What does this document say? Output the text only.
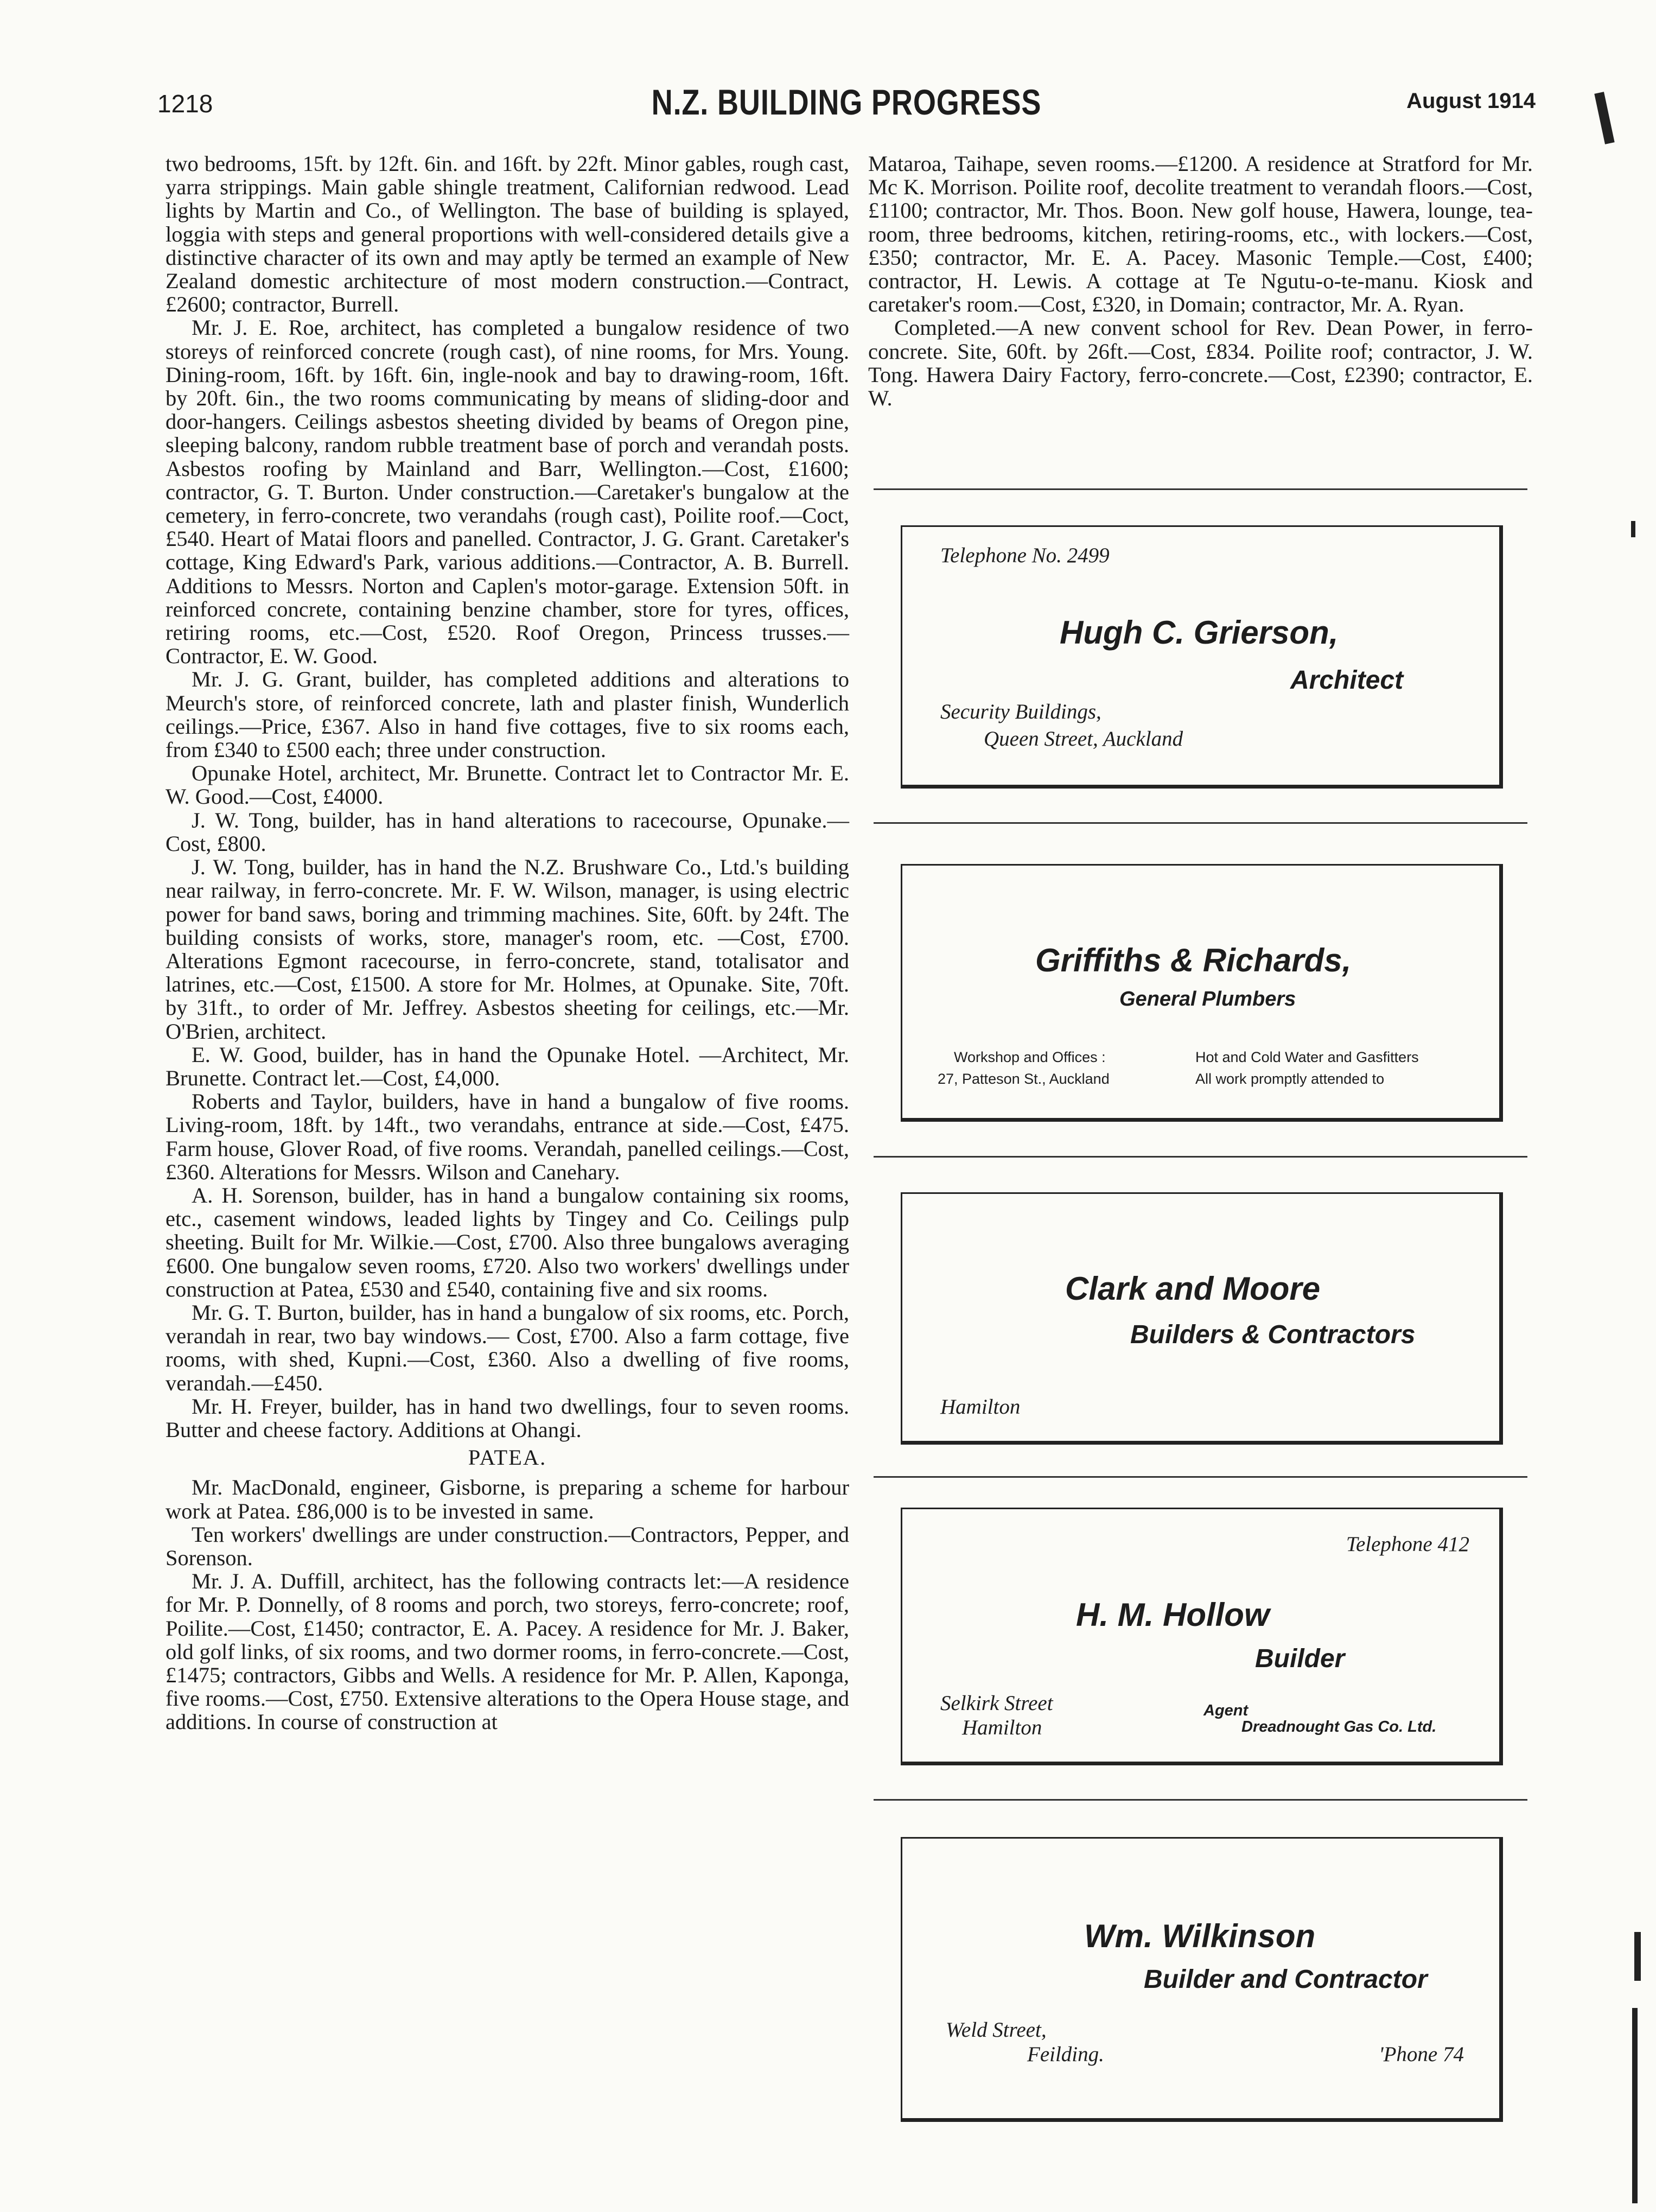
1218	N.Z. BUILDING PROGRESS	August 1914

two bedrooms, 15ft. by 12ft. 6in. and 16ft. by 22ft. Minor gables, rough cast, yarra strippings. Main gable shingle treatment, Californian redwood. Lead lights by Martin and Co., of Wellington. The base of building is splayed, loggia with steps and general proportions with well-considered details give a distinctive character of its own and may aptly be termed an example of New Zealand domestic architecture of most modern construction.—Contract, £2600; contractor, Burrell.

Mr. J. E. Roe, architect, has completed a bungalow residence of two storeys of reinforced concrete (rough cast), of nine rooms, for Mrs. Young. Dining-room, 16ft. by 16ft. 6in, ingle-nook and bay to drawing-room, 16ft. by 20ft. 6in., the two rooms communicating by means of sliding-door and door-hangers. Ceilings asbestos sheeting divided by beams of Oregon pine, sleeping balcony, random rubble treatment base of porch and verandah posts. Asbestos roofing by Mainland and Barr, Wellington.—Cost, £1600; contractor, G. T. Burton. Under construction.—Caretaker's bungalow at the cemetery, in ferro-concrete, two verandahs (rough cast), Poilite roof.—Coct, £540. Heart of Matai floors and panelled. Contractor, J. G. Grant. Caretaker's cottage, King Edward's Park, various additions.—Contractor, A. B. Burrell. Additions to Messrs. Norton and Caplen's motor-garage. Extension 50ft. in reinforced concrete, containing benzine chamber, store for tyres, offices, retiring rooms, etc.—Cost, £520. Roof Oregon, Princess trusses.—Contractor, E. W. Good.

Mr. J. G. Grant, builder, has completed additions and alterations to Meurch's store, of reinforced concrete, lath and plaster finish, Wunderlich ceilings.—Price, £367. Also in hand five cottages, five to six rooms each, from £340 to £500 each; three under construction.

Opunake Hotel, architect, Mr. Brunette. Contract let to Contractor Mr. E. W. Good.—Cost, £4000.

J. W. Tong, builder, has in hand alterations to racecourse, Opunake.—Cost, £800.

J. W. Tong, builder, has in hand the N.Z. Brushware Co., Ltd.'s building near railway, in ferro-concrete. Mr. F. W. Wilson, manager, is using electric power for band saws, boring and trimming machines. Site, 60ft. by 24ft. The building consists of works, store, manager's room, etc. —Cost, £700. Alterations Egmont racecourse, in ferro-concrete, stand, totalisator and latrines, etc.—Cost, £1500. A store for Mr. Holmes, at Opunake. Site, 70ft. by 31ft., to order of Mr. Jeffrey. Asbestos sheeting for ceilings, etc.—Mr. O'Brien, architect.

E. W. Good, builder, has in hand the Opunake Hotel. —Architect, Mr. Brunette. Contract let.—Cost, £4,000.

Roberts and Taylor, builders, have in hand a bungalow of five rooms. Living-room, 18ft. by 14ft., two verandahs, entrance at side.—Cost, £475. Farm house, Glover Road, of five rooms. Verandah, panelled ceilings.—Cost, £360. Alterations for Messrs. Wilson and Canehary.

A. H. Sorenson, builder, has in hand a bungalow containing six rooms, etc., casement windows, leaded lights by Tingey and Co. Ceilings pulp sheeting. Built for Mr. Wilkie.—Cost, £700. Also three bungalows averaging £600. One bungalow seven rooms, £720. Also two workers' dwellings under construction at Patea, £530 and £540, containing five and six rooms.

Mr. G. T. Burton, builder, has in hand a bungalow of six rooms, etc. Porch, verandah in rear, two bay windows.— Cost, £700. Also a farm cottage, five rooms, with shed, Kupni.—Cost, £360. Also a dwelling of five rooms, verandah.—£450.

Mr. H. Freyer, builder, has in hand two dwellings, four to seven rooms. Butter and cheese factory. Additions at Ohangi.

PATEA.

Mr. MacDonald, engineer, Gisborne, is preparing a scheme for harbour work at Patea. £86,000 is to be invested in same.

Ten workers' dwellings are under construction.—Contractors, Pepper, and Sorenson.

Mr. J. A. Duffill, architect, has the following contracts let:—A residence for Mr. P. Donnelly, of 8 rooms and porch, two storeys, ferro-concrete; roof, Poilite.—Cost, £1450; contractor, E. A. Pacey. A residence for Mr. J. Baker, old golf links, of six rooms, and two dormer rooms, in ferro-concrete.—Cost, £1475; contractors, Gibbs and Wells. A residence for Mr. P. Allen, Kaponga, five rooms.—Cost, £750. Extensive alterations to the Opera House stage, and additions. In course of construction at

Mataroa, Taihape, seven rooms.—£1200. A residence at Stratford for Mr. Mc K. Morrison. Poilite roof, decolite treatment to verandah floors.—Cost, £1100; contractor, Mr. Thos. Boon. New golf house, Hawera, lounge, tea-room, three bedrooms, kitchen, retiring-rooms, etc., with lockers.—Cost, £350; contractor, Mr. E. A. Pacey. Masonic Temple.—Cost, £400; contractor, H. Lewis. A cottage at Te Ngutu-o-te-manu. Kiosk and caretaker's room.—Cost, £320, in Domain; contractor, Mr. A. Ryan.

Completed.—A new convent school for Rev. Dean Power, in ferro-concrete. Site, 60ft. by 26ft.—Cost, £834. Poilite roof; contractor, J. W. Tong. Hawera Dairy Factory, ferro-concrete.—Cost, £2390; contractor, E. W.

Telephone No. 2499
Hugh C. Grierson,
Architect
Security Buildings,
Queen Street, Auckland
Griffiths & Richards,
General Plumbers
Workshop and Offices :
27, Patteson St., Auckland
Hot and Cold Water and Gasfitters
All work promptly attended to
Clark and Moore
Builders & Contractors
Hamilton
Telephone 412
H. M. Hollow
Builder
Selkirk Street
Hamilton
Agent
Dreadnought Gas Co. Ltd.
Wm. Wilkinson
Builder and Contractor
Weld Street,
Feilding.	'Phone 74
